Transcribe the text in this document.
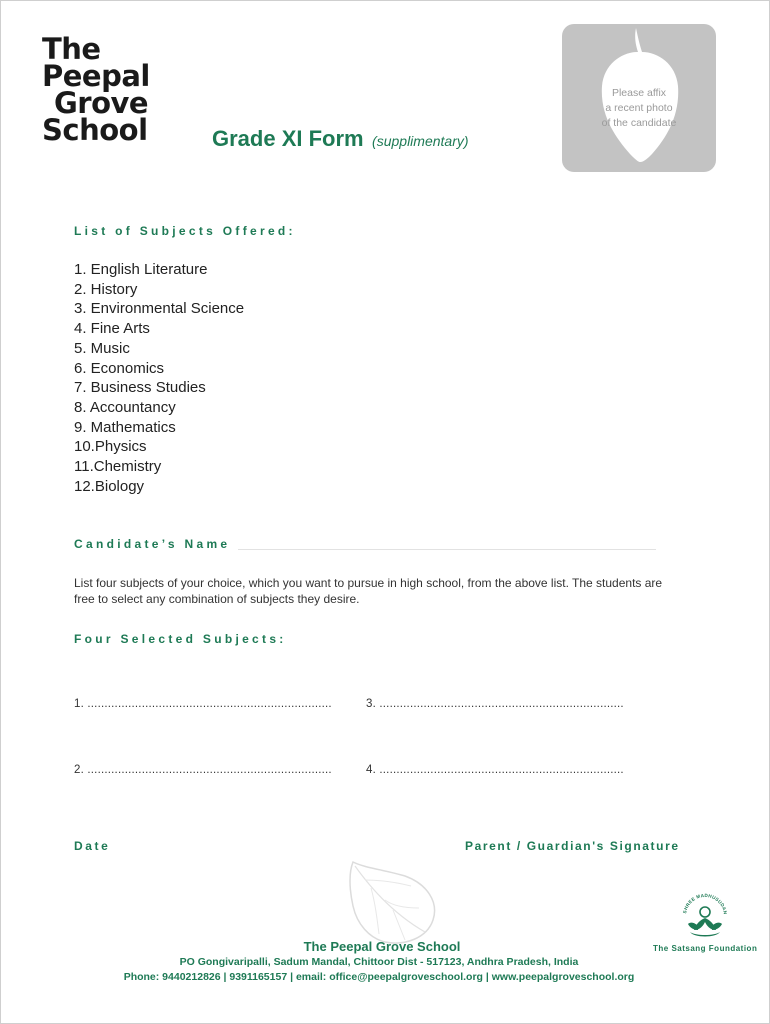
The
Peepal
Grove
School	Grade XI Form (supplimentary)
Please affix
a recent photo
of the candidate
List of Subjects Offered:
1. English Literature
2. History
3. Environmental Science
4. Fine Arts
5. Music
6. Economics
7. Business Studies
8. Accountancy
9. Mathematics
10.Physics
11.Chemistry
12.Biology
Candidate’s Name
List four subjects of your choice, which you want to pursue in high school, from the above list. The students are free to select any combination of subjects they desire.
Four Selected Subjects:
1. ........................................................................	3. ........................................................................
2. ........................................................................	4. ........................................................................
Date	Parent / Guardian's Signature
The Peepal Grove School
PO Gongivaripalli, Sadum Mandal, Chittoor Dist - 517123, Andhra Pradesh, India
Phone: 9440212826 | 9391165157 | email: office@peepalgroveschool.org | www.peepalgroveschool.org
SHREE MADHUSUDAN
The Satsang Foundation
